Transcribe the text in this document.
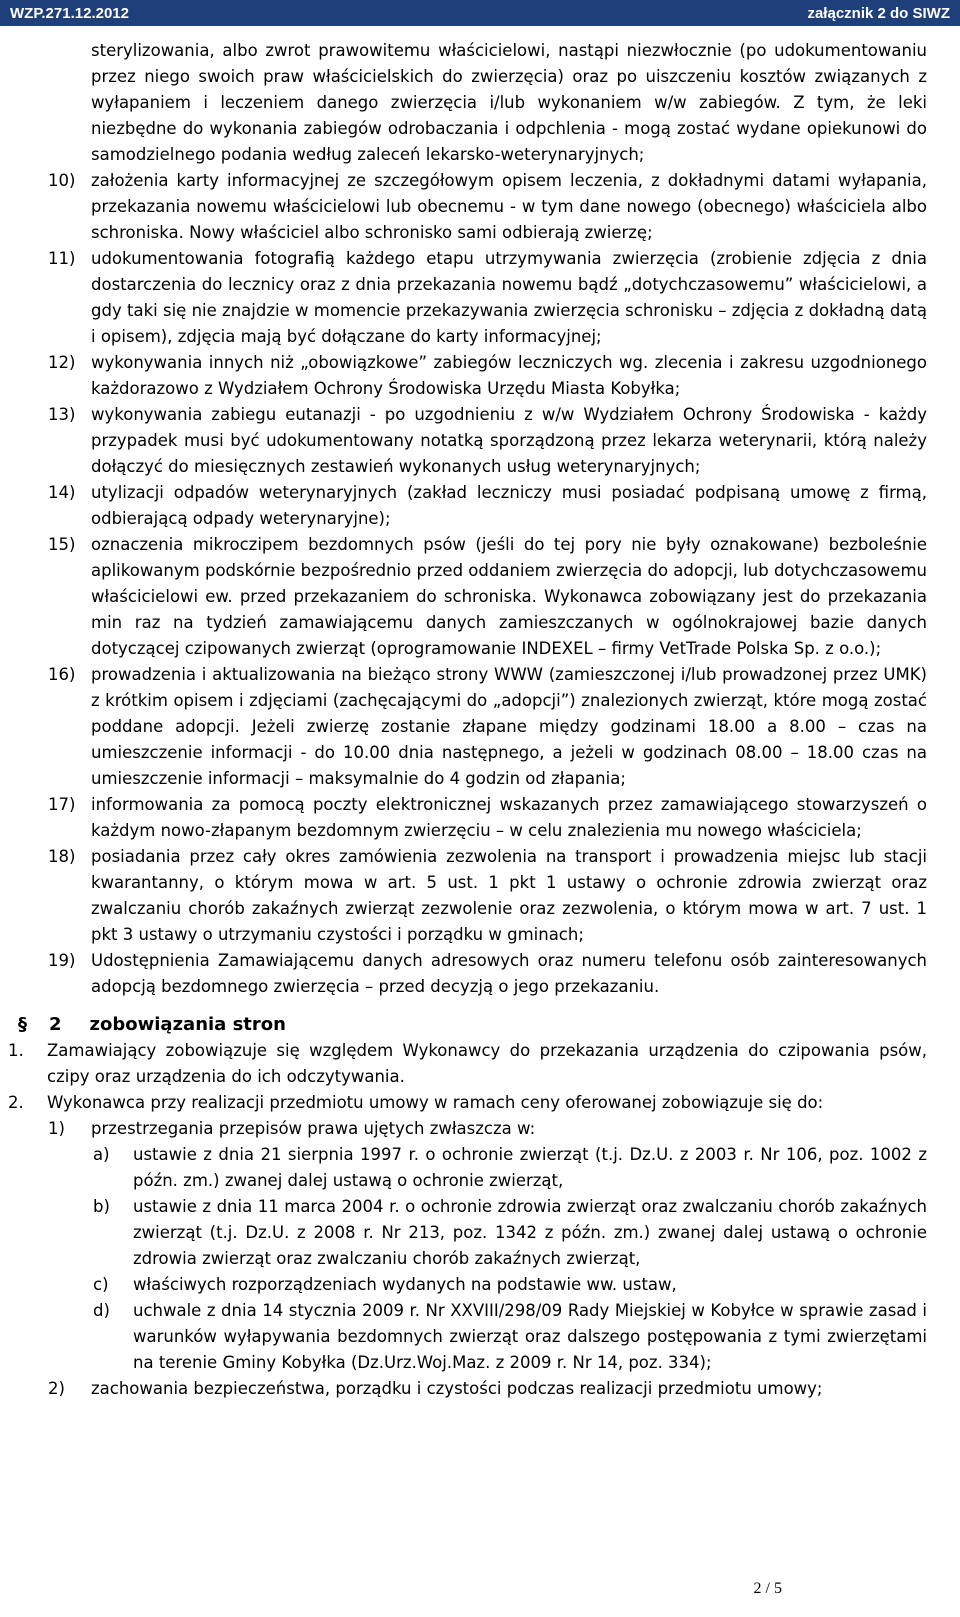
WZP.271.12.2012	załącznik 2 do SIWZ
sterylizowania, albo zwrot prawowitemu właścicielowi, nastąpi niezwłocznie (po udokumentowaniu przez niego swoich praw właścicielskich do zwierzęcia) oraz po uiszczeniu kosztów związanych z wyłapaniem i leczeniem danego zwierzęcia i/lub wykonaniem w/w zabiegów. Z tym, że leki niezbędne do wykonania zabiegów odrobaczania i odpchlenia - mogą zostać wydane opiekunowi do samodzielnego podania według zaleceń lekarsko-weterynaryjnych;
10) założenia karty informacyjnej ze szczegółowym opisem leczenia, z dokładnymi datami wyłapania, przekazania nowemu właścicielowi lub obecnemu - w tym dane nowego (obecnego) właściciela albo schroniska. Nowy właściciel albo schronisko sami odbierają zwierzę;
11) udokumentowania fotografią każdego etapu utrzymywania zwierzęcia (zrobienie zdjęcia z dnia dostarczenia do lecznicy oraz z dnia przekazania nowemu bądź „dotychczasowemu” właścicielowi, a gdy taki się nie znajdzie w momencie przekazywania zwierzęcia schronisku – zdjęcia z dokładną datą i opisem), zdjęcia mają być dołączane do karty informacyjnej;
12) wykonywania innych niż „obowiązkowe” zabiegów leczniczych wg. zlecenia i zakresu uzgodnionego każdorazowo z Wydziałem Ochrony Środowiska Urzędu Miasta Kobyłka;
13) wykonywania zabiegu eutanazji - po uzgodnieniu z w/w Wydziałem Ochrony Środowiska - każdy przypadek musi być udokumentowany notatką sporządzoną przez lekarza weterynarii, którą należy dołączyć do miesięcznych zestawień wykonanych usług weterynaryjnych;
14) utylizacji odpadów weterynaryjnych (zakład leczniczy musi posiadać podpisaną umowę z firmą, odbierającą odpady weterynaryjne);
15) oznaczenia mikroczipem bezdomnych psów (jeśli do tej pory nie były oznakowane) bezboleśnie aplikowanym podskórnie bezpośrednio przed oddaniem zwierzęcia do adopcji, lub dotychczasowemu właścicielowi ew. przed przekazaniem do schroniska. Wykonawca zobowiązany jest do przekazania min raz na tydzień zamawiającemu danych zamieszczanych w ogólnokrajowej bazie danych dotyczącej czipowanych zwierząt (oprogramowanie INDEXEL – firmy VetTrade Polska Sp. z o.o.);
16) prowadzenia i aktualizowania na bieżąco strony WWW (zamieszczonej i/lub prowadzonej przez UMK) z krótkim opisem i zdjęciami (zachęcającymi do „adopcji”) znalezionych zwierząt, które mogą zostać poddane adopcji. Jeżeli zwierzę zostanie złapane między godzinami 18.00 a 8.00 – czas na umieszczenie informacji - do 10.00 dnia następnego, a jeżeli w godzinach 08.00 – 18.00 czas na umieszczenie informacji – maksymalnie do 4 godzin od złapania;
17) informowania za pomocą poczty elektronicznej wskazanych przez zamawiającego stowarzyszeń o każdym nowo-złapanym bezdomnym zwierzęciu – w celu znalezienia mu nowego właściciela;
18) posiadania przez cały okres zamówienia zezwolenia na transport i prowadzenia miejsc lub stacji kwarantanny, o którym mowa w art. 5 ust. 1 pkt 1 ustawy o ochronie zdrowia zwierząt oraz zwalczaniu chorób zakaźnych zwierząt zezwolenie oraz zezwolenia, o którym mowa w art. 7 ust. 1 pkt 3 ustawy o utrzymaniu czystości i porządku w gminach;
19) Udostępnienia Zamawiającemu danych adresowych oraz numeru telefonu osób zainteresowanych adopcją bezdomnego zwierzęcia – przed decyzją o jego przekazaniu.
§ 2 zobowiązania stron
1. Zamawiający zobowiązuje się względem Wykonawcy do przekazania urządzenia do czipowania psów, czipy oraz urządzenia do ich odczytywania.
2. Wykonawca przy realizacji przedmiotu umowy w ramach ceny oferowanej zobowiązuje się do:
1) przestrzegania przepisów prawa ujętych zwłaszcza w:
a) ustawie z dnia 21 sierpnia 1997 r. o ochronie zwierząt (t.j. Dz.U. z 2003 r. Nr 106, poz. 1002 z późn. zm.) zwanej dalej ustawą o ochronie zwierząt,
b) ustawie z dnia 11 marca 2004 r. o ochronie zdrowia zwierząt oraz zwalczaniu chorób zakaźnych zwierząt (t.j. Dz.U. z 2008 r. Nr 213, poz. 1342 z późn. zm.) zwanej dalej ustawą o ochronie zdrowia zwierząt oraz zwalczaniu chorób zakaźnych zwierząt,
c) właściwych rozporządzeniach wydanych na podstawie ww. ustaw,
d) uchwale z dnia 14 stycznia 2009 r. Nr XXVIII/298/09 Rady Miejskiej w Kobyłce w sprawie zasad i warunków wyłapywania bezdomnych zwierząt oraz dalszego postępowania z tymi zwierzętami na terenie Gminy Kobyłka (Dz.Urz.Woj.Maz. z 2009 r. Nr 14, poz. 334);
2) zachowania bezpieczeństwa, porządku i czystości podczas realizacji przedmiotu umowy;
2 / 5
